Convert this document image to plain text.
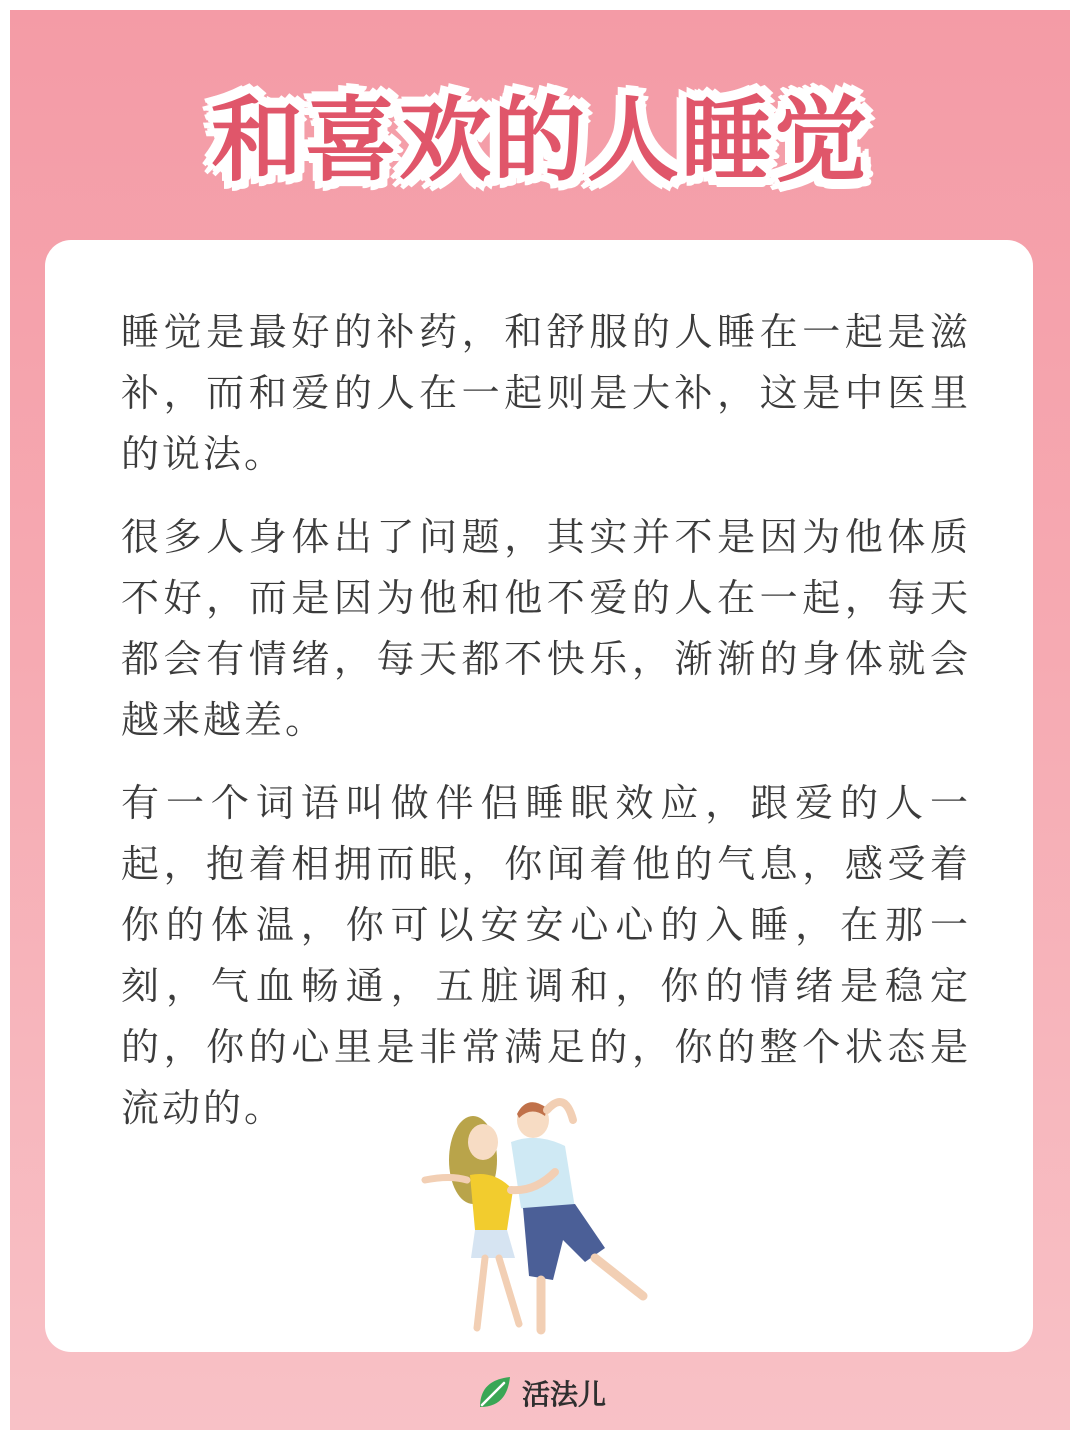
和喜欢的人睡觉

睡觉是最好的补药，和舒服的人睡在一起是滋补，而和爱的人在一起则是大补，这是中医里的说法。

很多人身体出了问题，其实并不是因为他体质不好，而是因为他和他不爱的人在一起，每天都会有情绪，每天都不快乐，渐渐的身体就会越来越差。

有一个词语叫做伴侣睡眠效应，跟爱的人一起，抱着相拥而眠，你闻着他的气息，感受着你的体温，你可以安安心心的入睡，在那一刻，气血畅通，五脏调和，你的情绪是稳定的，你的心里是非常满足的，你的整个状态是流动的。

活法儿
